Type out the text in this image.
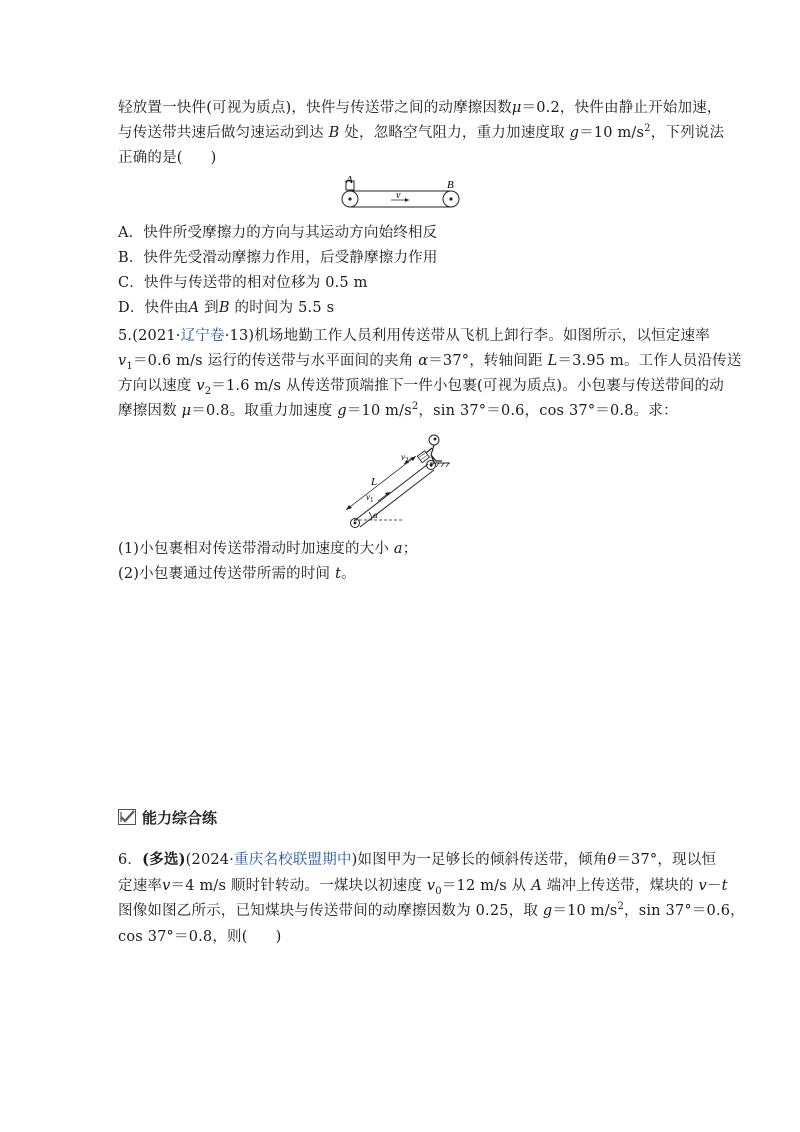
轻放置一快件(可视为质点)，快件与传送带之间的动摩擦因数μ＝0.2，快件由静止开始加速，
与传送带共速后做匀速运动到达 B 处，忽略空气阻力，重力加速度取 g＝10 $m/s^2$，下列说法
正确的是( )
A	B
v
A．快件所受摩擦力的方向与其运动方向始终相反
B．快件先受滑动摩擦力作用，后受静摩擦力作用
C．快件与传送带的相对位移为 0.5 m
D．快件由A 到B 的时间为 5.5 s
5.(2021·辽宁卷·13)机场地勤工作人员利用传送带从飞机上卸行李。如图所示，以恒定速率
$v_1=0.6$ m/s 运行的传送带与水平面间的夹角 α＝37°，转轴间距 L＝3.95 m。工作人员沿传送
方向以速度 $v_2=1.6$ m/s 从传送带顶端推下一件小包裹(可视为质点)。小包裹与传送带间的动
摩擦因数 μ＝0.8。取重力加速度 g＝10 $m/s^2$，sin 37°＝0.6，cos 37°＝0.8。求：
α
L
$v_1$
$v_2$
(1)小包裹相对传送带滑动时加速度的大小 a；
(2)小包裹通过传送带所需的时间 t。
能力综合练
6．(多选)(2024·重庆名校联盟期中)如图甲为一足够长的倾斜传送带，倾角θ＝37°，现以恒
定速率v＝4 m/s 顺时针转动。一煤块以初速度 $v_0=12$ m/s 从 A 端冲上传送带，煤块的 v－t
图像如图乙所示，已知煤块与传送带间的动摩擦因数为 0.25，取 g＝10 $m/s^2$，sin 37°＝0.6，
cos 37°＝0.8，则( )
